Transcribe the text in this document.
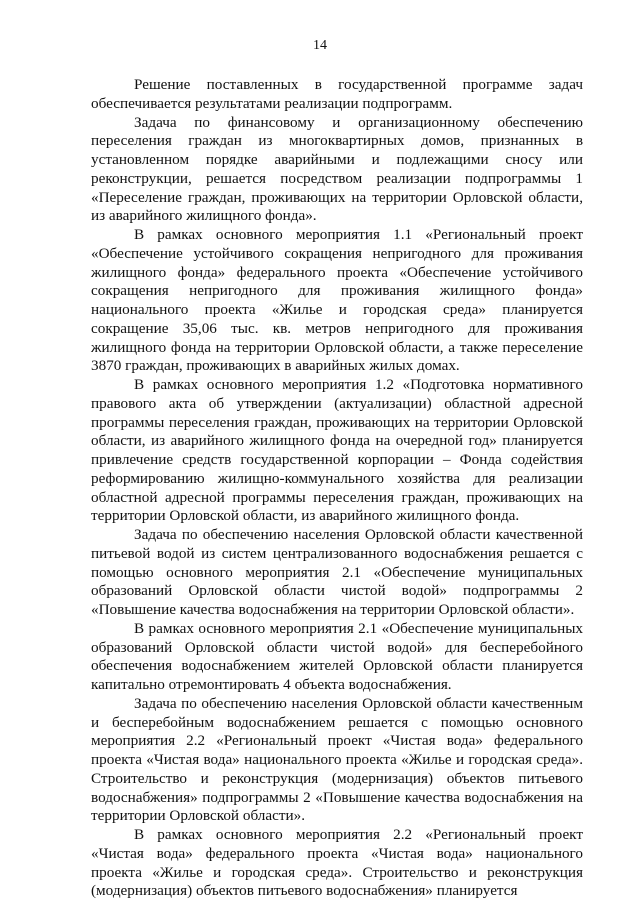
14

Решение поставленных в государственной программе задач обеспечивается результатами реализации подпрограмм.

Задача по финансовому и организационному обеспечению переселения граждан из многоквартирных домов, признанных в установленном порядке аварийными и подлежащими сносу или реконструкции, решается посредством реализации подпрограммы 1 «Переселение граждан, проживающих на территории Орловской области, из аварийного жилищного фонда».

В рамках основного мероприятия 1.1 «Региональный проект «Обеспечение устойчивого сокращения непригодного для проживания жилищного фонда» федерального проекта «Обеспечение устойчивого сокращения непригодного для проживания жилищного фонда» национального проекта «Жилье и городская среда» планируется сокращение 35,06 тыс. кв. метров непригодного для проживания жилищного фонда на территории Орловской области, а также переселение 3870 граждан, проживающих в аварийных жилых домах.

В рамках основного мероприятия 1.2 «Подготовка нормативного правового акта об утверждении (актуализации) областной адресной программы переселения граждан, проживающих на территории Орловской области, из аварийного жилищного фонда на очередной год» планируется привлечение средств государственной корпорации – Фонда содействия реформированию жилищно-коммунального хозяйства для реализации областной адресной программы переселения граждан, проживающих на территории Орловской области, из аварийного жилищного фонда.

Задача по обеспечению населения Орловской области качественной питьевой водой из систем централизованного водоснабжения решается с помощью основного мероприятия 2.1 «Обеспечение муниципальных образований Орловской области чистой водой» подпрограммы 2 «Повышение качества водоснабжения на территории Орловской области».

В рамках основного мероприятия 2.1 «Обеспечение муниципальных образований Орловской области чистой водой» для бесперебойного обеспечения водоснабжением жителей Орловской области планируется капитально отремонтировать 4 объекта водоснабжения.

Задача по обеспечению населения Орловской области качественным и бесперебойным водоснабжением решается с помощью основного мероприятия 2.2 «Региональный проект «Чистая вода» федерального проекта «Чистая вода» национального проекта «Жилье и городская среда». Строительство и реконструкция (модернизация) объектов питьевого водоснабжения» подпрограммы 2 «Повышение качества водоснабжения на территории Орловской области».

В рамках основного мероприятия 2.2 «Региональный проект «Чистая вода» федерального проекта «Чистая вода» национального проекта «Жилье и городская среда». Строительство и реконструкция (модернизация) объектов питьевого водоснабжения» планируется
